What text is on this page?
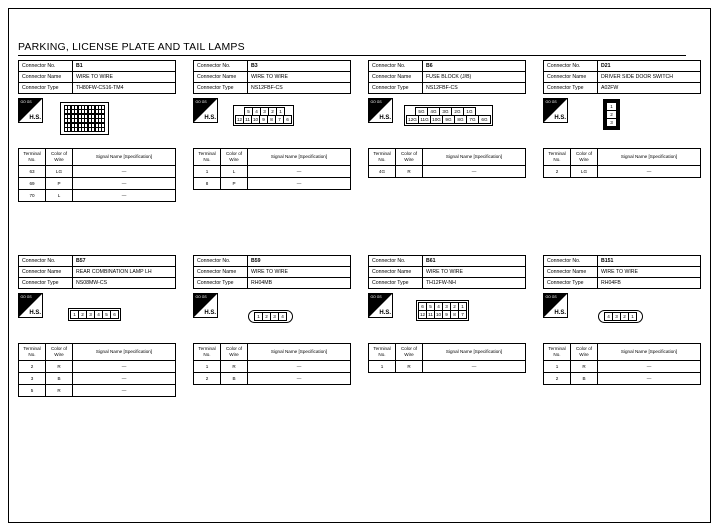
PARKING, LICENSE PLATE AND TAIL LAMPS
Connector No.	B1
Connector Name	WIRE TO WIRE
Connector Type	TH80FW-CS16-TM4
GO GS
H.S.
Terminal No.	Color of Wire	Signal Name [Specification]
63	LG	—
69	P	—
70	L	—
Connector No.	B3
Connector Name	WIRE TO WIRE
Connector Type	NS12FBF-CS
GO GS
H.S.
5	4	3	2	1
12 11 10 9	8	7	6
Terminal No.	Color of Wire	Signal Name [Specification]
1	L	—
8	P	—
Connector No.	B6
Connector Name	FUSE BLOCK (J/B)
Connector Type	NS12FBF-CS
GO GS
H.S.
5G	4G	3G	2G	1G
12G 11G 10G 9G	8G	7G	6G
Terminal No.	Color of Wire	Signal Name [Specification]
4G	R	—
Connector No.	D21
Connector Name	DRIVER SIDE DOOR SWITCH
Connector Type	A02FW
GO GS
H.S.
1
2
3
Terminal No.	Color of Wire	Signal Name [Specification]
2	LG	—
Connector No.	B57
Connector Name	REAR COMBINATION LAMP LH
Connector Type	NS08MW-CS
GO GS
H.S.	1	2	3	4	5	6
Terminal No.	Color of Wire	Signal Name [Specification]
2	R	—
3	B	—
5	R	—
Connector No.	B59
Connector Name	WIRE TO WIRE
Connector Type	RH04MB
GO GS
H.S.
1	2	3	4
Terminal No.	Color of Wire	Signal Name [Specification]
1	R	—
2	B	—
Connector No.	B61
Connector Name	WIRE TO WIRE
Connector Type	TH12FW-NH
GO GS
H.S.
6	5	4	3	2	1
12 11 10 9	8	7
Terminal No.	Color of Wire	Signal Name [Specification]
1	R	—
Connector No.	B151
Connector Name	WIRE TO WIRE
Connector Type	RH04FB
GO GS
H.S.
4	3	2	1
Terminal No.	Color of Wire	Signal Name [Specification]
1	R	—
2	B	—
